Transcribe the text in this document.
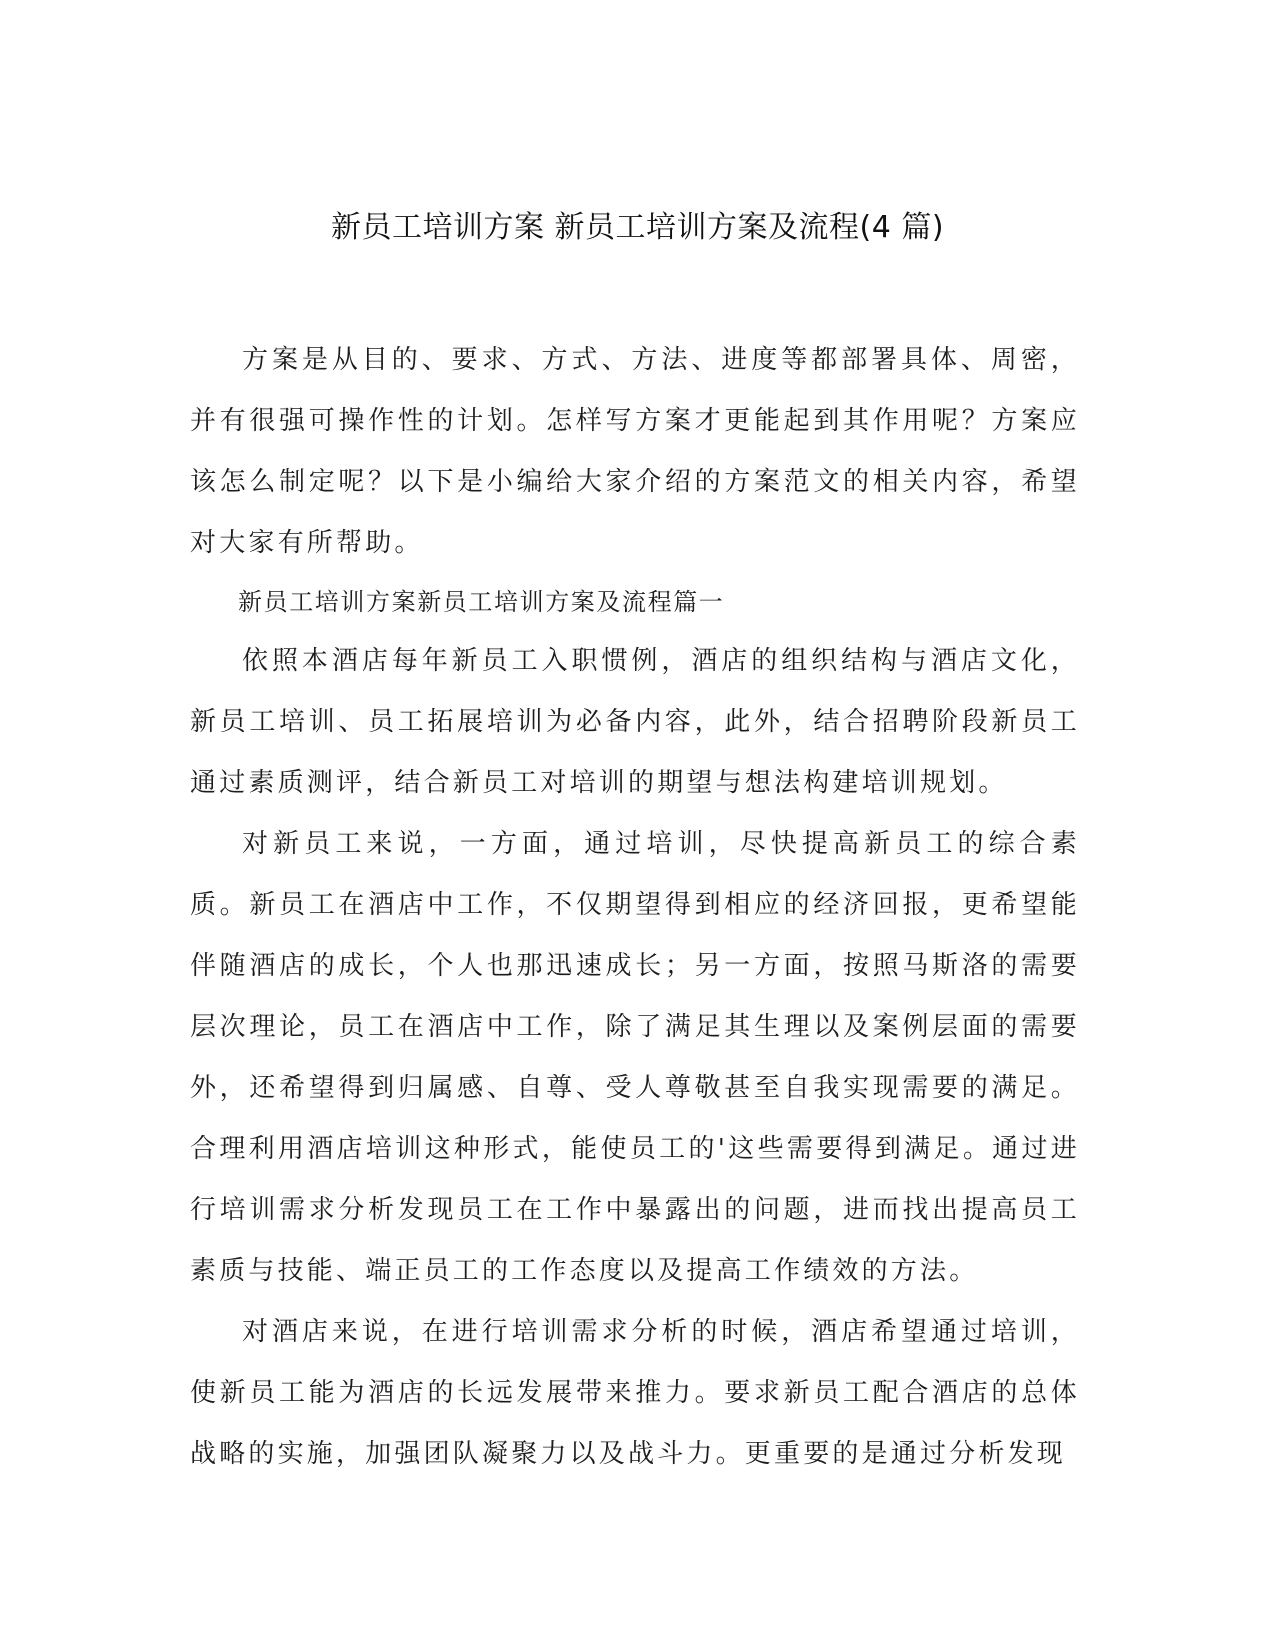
新员工培训方案 新员工培训方案及流程(4 篇)

方案是从目的、要求、方式、方法、进度等都部署具体、周密，并有很强可操作性的计划。怎样写方案才更能起到其作用呢？方案应该怎么制定呢？以下是小编给大家介绍的方案范文的相关内容，希望对大家有所帮助。

新员工培训方案新员工培训方案及流程篇一

依照本酒店每年新员工入职惯例，酒店的组织结构与酒店文化，新员工培训、员工拓展培训为必备内容，此外，结合招聘阶段新员工通过素质测评，结合新员工对培训的期望与想法构建培训规划。

对新员工来说，一方面，通过培训，尽快提高新员工的综合素质。新员工在酒店中工作，不仅期望得到相应的经济回报，更希望能伴随酒店的成长，个人也那迅速成长；另一方面，按照马斯洛的需要层次理论，员工在酒店中工作，除了满足其生理以及案例层面的需要外，还希望得到归属感、自尊、受人尊敬甚至自我实现需要的满足。合理利用酒店培训这种形式，能使员工的'这些需要得到满足。通过进行培训需求分析发现员工在工作中暴露出的问题，进而找出提高员工素质与技能、端正员工的工作态度以及提高工作绩效的方法。

对酒店来说，在进行培训需求分析的时候，酒店希望通过培训，使新员工能为酒店的长远发展带来推力。要求新员工配合酒店的总体战略的实施，加强团队凝聚力以及战斗力。更重要的是通过分析发现
